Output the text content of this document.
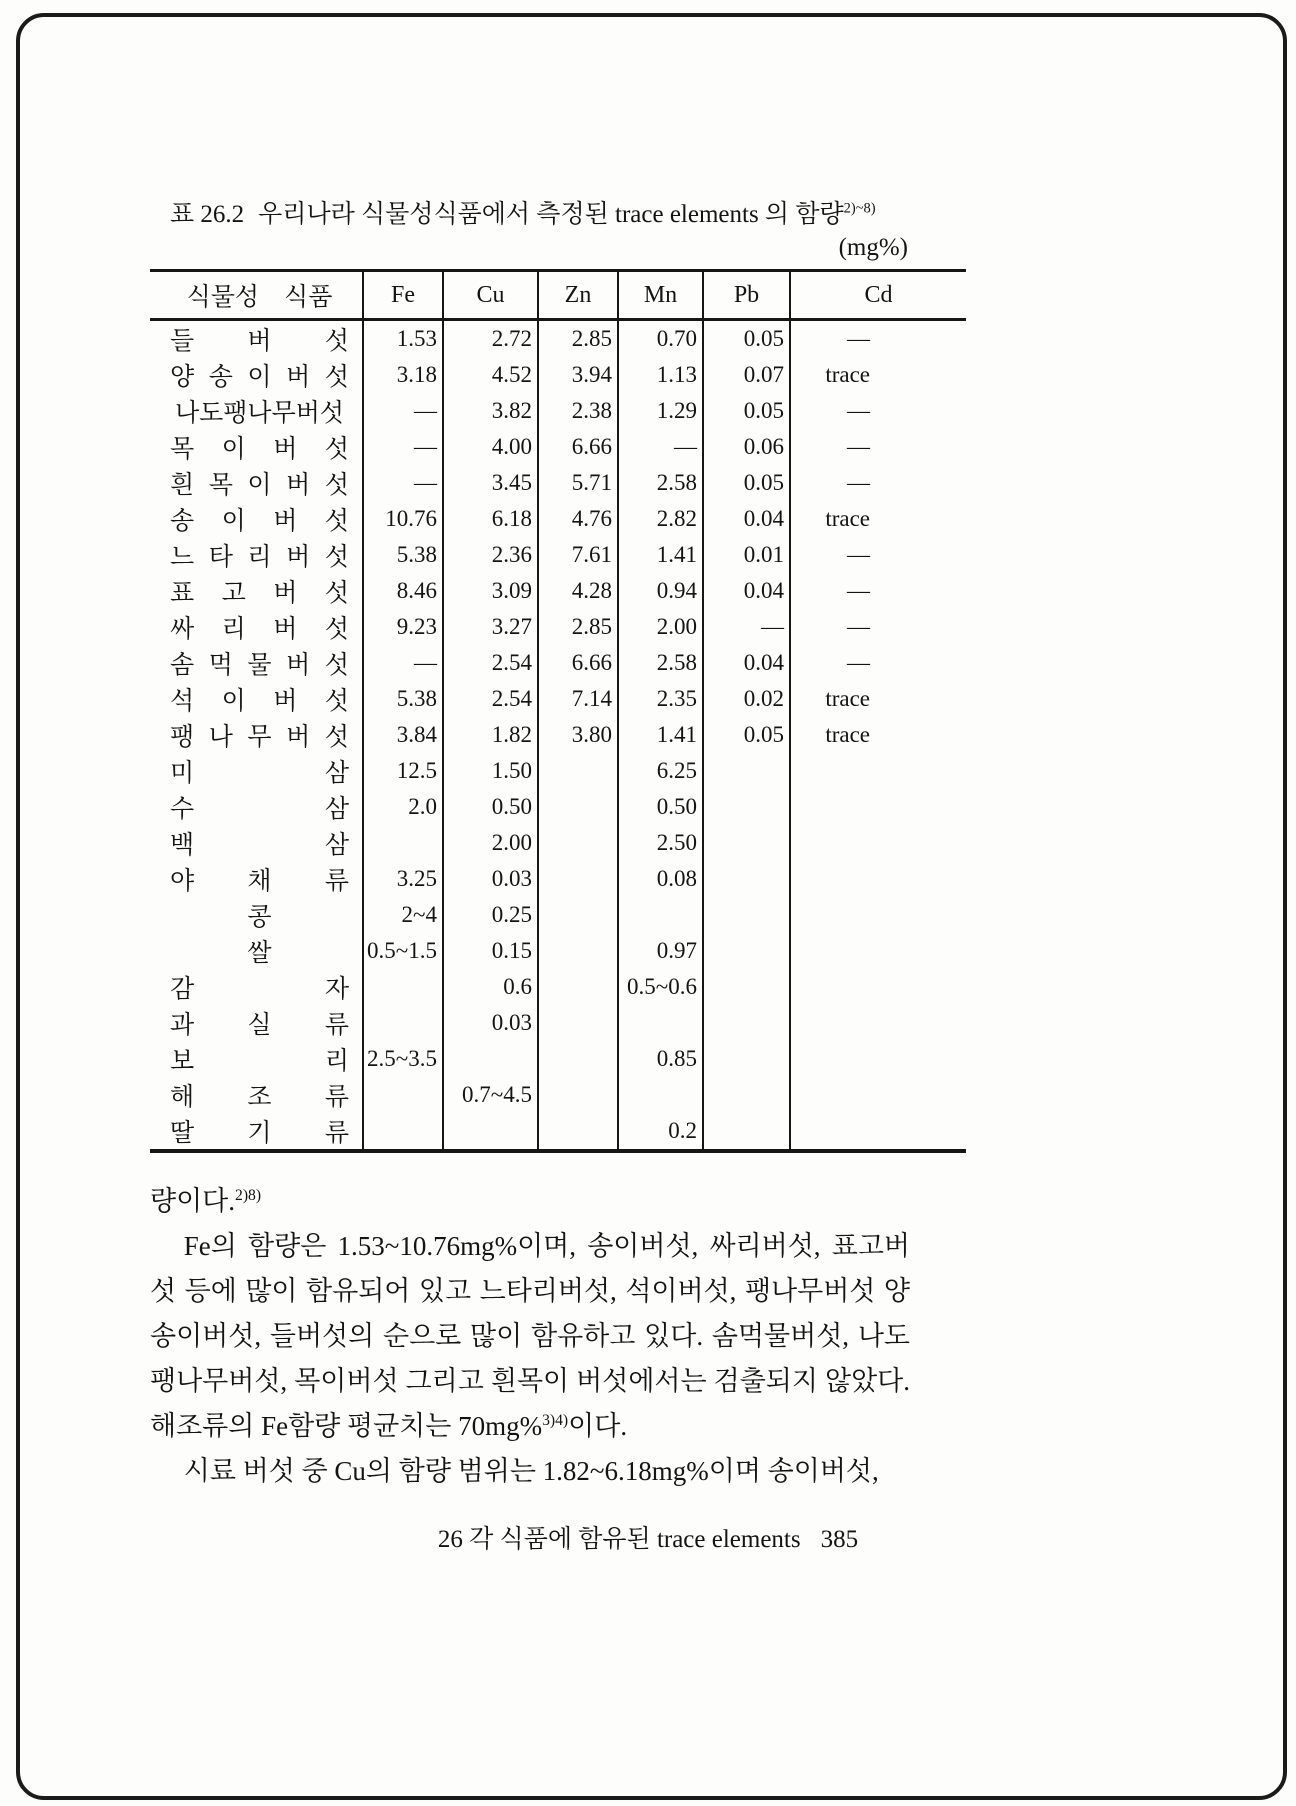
표 26.2 우리나라 식물성식품에서 측정된 trace elements 의 함량$^{2)\sim 8)}$
(mg%)
식물성　식품	Fe	Cu	Zn	Mn	Pb	Cd

들 버 섯	1.53	2.72	2.85	0.70	0.05	—

양 송 이 버 섯	3.18	4.52	3.94	1.13	0.07	trace

나도팽나무버섯	—	3.82	2.38	1.29	0.05	—

목 이 버 섯	—	4.00	6.66	—	0.06	—

흰 목 이 버 섯	—	3.45	5.71	2.58	0.05	—

송 이 버 섯	10.76	6.18	4.76	2.82	0.04	trace

느 타 리 버 섯	5.38	2.36	7.61	1.41	0.01	—

표 고 버 섯	8.46	3.09	4.28	0.94	0.04	—

싸 리 버 섯	9.23	3.27	2.85	2.00	—	—

솜 먹 물 버 섯	—	2.54	6.66	2.58	0.04	—

석 이 버 섯	5.38	2.54	7.14	2.35	0.02	trace

팽 나 무 버 섯	3.84	1.82	3.80	1.41	0.05	trace

미 삼	12.5	1.50		6.25		

수 삼	2.0	0.50		0.50		

백 삼		2.00		2.50		

야 채 류	3.25	0.03		0.08		

콩	2~4	0.25				

쌀	0.5~1.5	0.15		0.97		

감 자		0.6		0.5~0.6		

과 실 류		0.03				

보 리	2.5~3.5			0.85		

해 조 류		0.7~4.5				

딸 기 류				0.2		

량이다.$^{2)8)}$

Fe의 함량은 1.53~10.76mg%이며, 송이버섯, 싸리버섯, 표고버섯 등에 많이 함유되어 있고 느타리버섯, 석이버섯, 팽나무버섯 양송이버섯, 들버섯의 순으로 많이 함유하고 있다. 솜먹물버섯, 나도팽나무버섯, 목이버섯 그리고 흰목이 버섯에서는 검출되지 않았다. 해조류의 Fe함량 평균치는 70mg%$^{3)4)}$이다.

시료 버섯 중 Cu의 함량 범위는 1.82~6.18mg%이며 송이버섯,

26 각 식품에 함유된 trace elements 385
